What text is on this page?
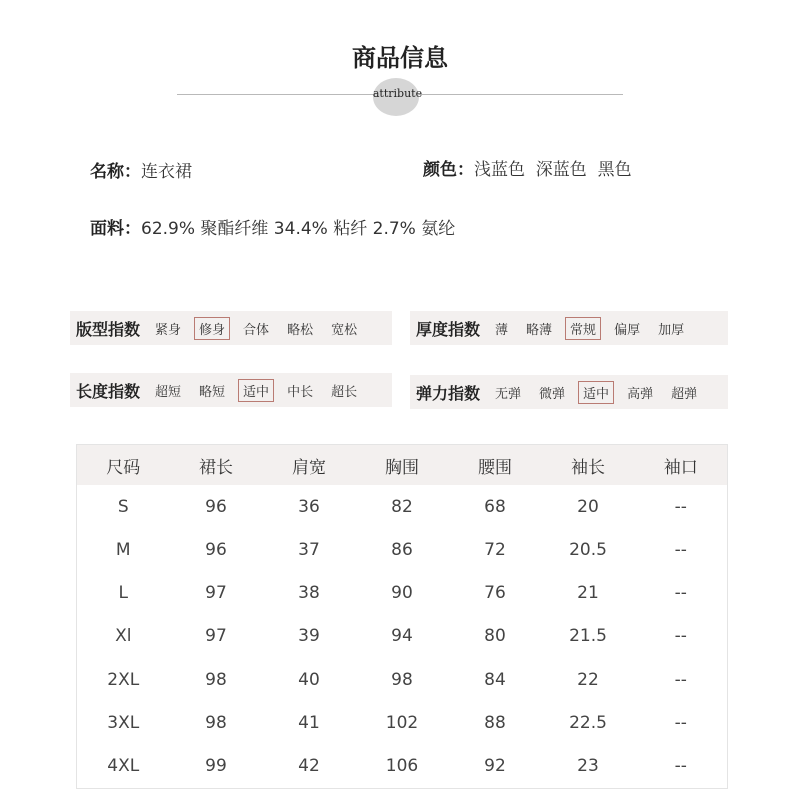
商品信息
attribute
名称：连衣裙	颜色：浅蓝色  深蓝色  黑色
面料：62.9% 聚酯纤维 34.4% 粘纤 2.7% 氨纶
版型指数	紧身	修身	合体	略松	宽松	厚度指数	薄	略薄	常规	偏厚	加厚
长度指数	超短	略短	适中	中长	超长	弹力指数	无弹	微弹	适中	高弹	超弹
尺码	裙长	肩宽	胸围	腰围	袖长	袖口
S	96	36	82	68	20	--
M	96	37	86	72	20.5	--
L	97	38	90	76	21	--
Xl	97	39	94	80	21.5	--
2XL	98	40	98	84	22	--
3XL	98	41	102	88	22.5	--
4XL	99	42	106	92	23	--
